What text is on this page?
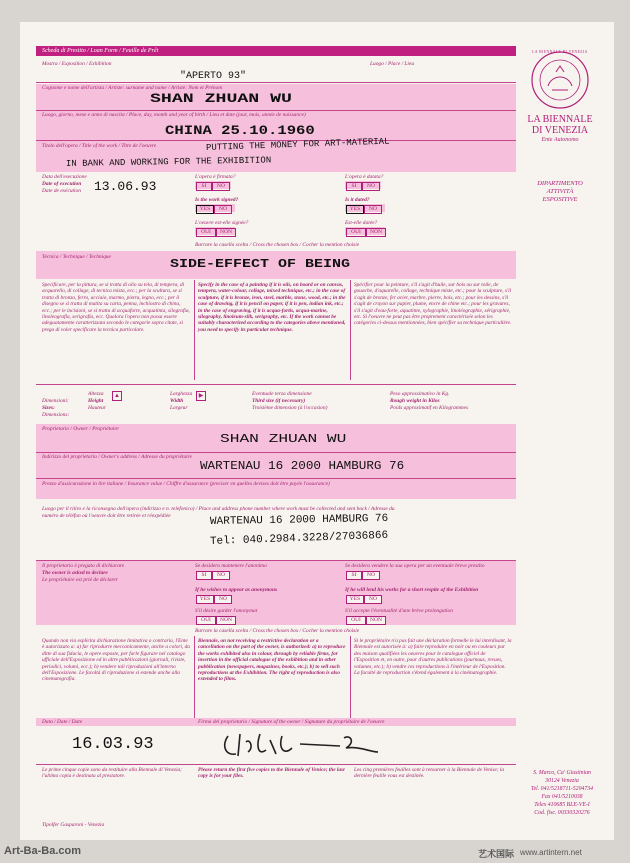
Scheda di Prestito / Loan Form / Feuille de Prêt
Mostra / Exposition / Exhibition
"APERTO 93"
Luogo / Place / Lieu
Cognome e nome dell'artista / Artiste: surname and name / Artiste: Nom et Prénom
SHAN ZHUAN WU
Luogo, giorno, mese e anno di nascita / Place, day, month and year of birth / Lieu et date (jour, mois, année de naissance)
CHINA 25.10.1960
Titolo dell'opera / Title of the work / Titre de l'oeuvre	PUTTING THE MONEY FOR ART-MATERIAL
IN BANK AND WORKING FOR THE EXHIBITION
Data dell'esecuzione
Date of execution
Date de exécution 13.06.93
L'opera è firmata?
SI	NO
Is the work signed?
YES	NO
L'oeuvre est-elle signée?
OUI	NON
L'opera è datata?
SI	NO
Is it dated?
YES	NO
Est-elle datée?
OUI	NON
Barrare la casella scelta / Cross the chosen box / Cocher la mention choisie
Tecnica / Technique / Technique	SIDE-EFFECT OF BEING
Specificare, per la pittura, se si tratta di olio su tela, di tempera, di acquarello, di collage, di tecnica mista, ecc.; per la scultura, se si tratta di bronzo, ferro, acciaio, marmo, pietra, legno, ecc.; per il disegno se si tratta di matita su carta, penna, inchiostro di china, ecc.; per le incisioni, se si tratta di acquaforte, acquatinta, silografia, linoleografia, serigrafia, ecc. Qualora l'opera non possa essere adeguatamente caratterizzata secondo le categorie sopra citate, si prega di voler specificare la tecnica particolare.
Specify in the case of a painting if it is oils, on board or on canvas, tempera, water-colour, collage, mixed technique, etc.; in the case of sculpture, if it is bronze, iron, steel, marble, stone, wood, etc.; in the case of drawing, if it is pencil on paper, if it is pen, indian ink, etc.; in the case of engraving, if it is acqua-fortis, acqua-marine, silography, linoleum-silk, serigraphy, etc. If the work cannot be suitably characterized according to the categories above mentioned, you need to specify its particular technique.
Spécifier pour la peinture, s'il s'agit d'huile, sur bois ou sur toile, de gouache, d'aquarelle, collage, technique mixte, etc.; pour la sculpture, s'il s'agit de bronze, fer acier, marbre, pierre, bois, etc.; pour les dessins, s'il s'agit de crayon sur papier, plume, encre de chine etc.; pour les gravures, s'il s'agit d'eau-forte, aquatinte, xylographie, linoléographie, sérigraphie, etc. Si l'oeuvre ne peut pas être proprement caractérisée selon les catégories ci-dessus mentionnées, bien spécifier sa technique particulière.
Dimensioni:
Sizes:
Dimensions:
Altezza
Height
Hauteur
▲	Larghezza
Width
Largeur
▶	Eventuale terza dimensione
Third size (if necessary)
Troisième dimension (à l'occasion)
Peso approssimativo in Kg.
Rough weight in Kilos
Poids approximatif en Kilogrammes
Proprietario / Owner / Propriétaire
SHAN ZHUAN WU
Indirizzo del proprietario / Owner's address / Adresse du propriétaire
WARTENAU 16 2000 HAMBURG 76
Prezzo d'assicurazione in lire italiane / Insurance value / Chiffre d'assurance (preciser en quelles devises doit être payée l'assurance)
Luogo per il ritiro e la riconsegna dell'opera (indirizzo e n. telefonico) / Place and address phone number where work must be collected and sent back / Adresse du
numéro de téléfon où l'oeuvre doit être retirée et réexpédiée	WARTENAU 16 2000 HAMBURG 76
Tel: 040.2984.3228/27036866
Il proprietario è pregato di dichiarare
The owner is asked to declare
Le propriétaire est prié de déclarer
Se desidera mantenere l'anonimo
SI	NO
If he wishes to appear as anonymous
YES	NO
S'il désire garder l'anonymat
OUI	NON
Se desidera vendere la sua opera per un eventuale breve prestito
SI	NO
If he will lend his works for a short respite of the Exhibition
YES	NO
S'il accepte l'éventualité d'une brève prolongation
OUI	NON
Barrare la casella scelta / Cross the chosen box / Cocher la mention choisie
Quando non via esplicita dichiarazione limitativa o contraria, l'Ente è autorizzato a: a) far riprodurre meccanicamente, anche a colori, da ditte di sua fiducia, le opere esposte, per farle figurare nel catalogo ufficiale dell'Esposizione ed in altre pubblicazioni (giornali, riviste, periodici, volumi, ecc.); b) vendere tali riproduzioni all'interno dell'Esposizione. Le facoltà di riproduzione si estende anche alla cinematografia.
Biennale, on not receiving a restrictive declaration or a cancellation on the part of the owner, is authorized: a) to reproduce the works exhibited also in colour, through by reliable firms, for insertion in the official catalogue of the exhibition and in other pubblication (newspapers, magazines, books, etc.); b) to sell such reproductions at the Exhibition. The right of reproduction is also extended to films.
Si le propriétaire n'a pas fait une déclaration formelle le lui interdisant, la Biennale est autorisée à: a) faire reproduire en noir ou en couleurs par des maison qualifiées les oeuvres pour le catalogue officiel de l'Exposition et, en outre, pour d'autres publications (journaux, revues, volumes, etc.); b) vendre ces reproductions à l'intérieur de l'Exposition. La faculté de reproduction s'étend également à la cinématographie.
Data / Date / Date	Firma del proprietario / Signature of the owner / Signature du propriétaire de l'oeuvre
16.03.93
Le prime cinque copie sono da restituire alla Biennale di Venezia; l'ultima copia è destinata al prestatore.
Please return the first five copies to the Biennale of Venice; the last copy is for your files.
Les cinq premières feuilles sont à retourner à la Biennale de Venise; la dernière feuille vous est destinée.
Tipolfer Gasparoni - Venezia
LA BIENNALE DI VENEZIA
LA BIENNALE
DI VENEZIA
Ente Autonomo
DIPARTIMENTO
ATTIVITÀ
ESPOSITIVE
S. Marco, Ca' Giustinian
30124 Venezia
Tel. 041/5218711-5204734
Fax 041/5210038
Telex 410685 BLE-VE-I
Cod. fisc. 00330320276
Art-Ba-Ba.com	艺术国际 www.artintern.net
